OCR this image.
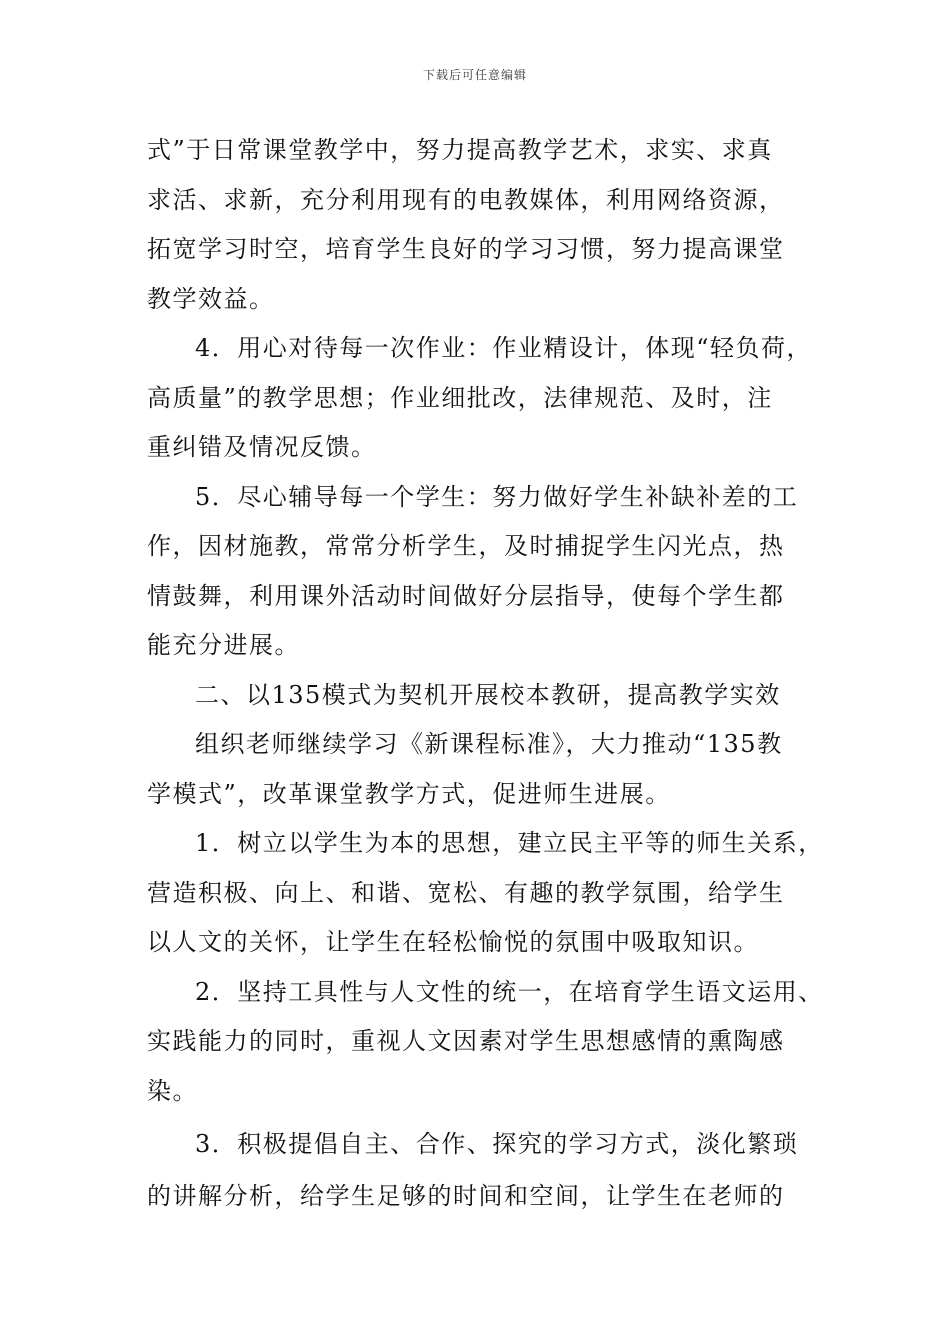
下载后可任意编辑
式”于日常课堂教学中，努力提高教学艺术，求实、求真
求活、求新，充分利用现有的电教媒体，利用网络资源，
拓宽学习时空，培育学生良好的学习习惯，努力提高课堂
教学效益。
4．用心对待每一次作业：作业精设计，体现“轻负荷，
高质量”的教学思想；作业细批改，法律规范、及时，注
重纠错及情况反馈。
5．尽心辅导每一个学生：努力做好学生补缺补差的工
作，因材施教，常常分析学生，及时捕捉学生闪光点，热
情鼓舞，利用课外活动时间做好分层指导，使每个学生都
能充分进展。
二、以135模式为契机开展校本教研，提高教学实效
组织老师继续学习《新课程标准》，大力推动“135教
学模式”，改革课堂教学方式，促进师生进展。
1．树立以学生为本的思想，建立民主平等的师生关系，
营造积极、向上、和谐、宽松、有趣的教学氛围，给学生
以人文的关怀，让学生在轻松愉悦的氛围中吸取知识。
2．坚持工具性与人文性的统一，在培育学生语文运用、
实践能力的同时，重视人文因素对学生思想感情的熏陶感
染。
3．积极提倡自主、合作、探究的学习方式，淡化繁琐
的讲解分析，给学生足够的时间和空间，让学生在老师的
